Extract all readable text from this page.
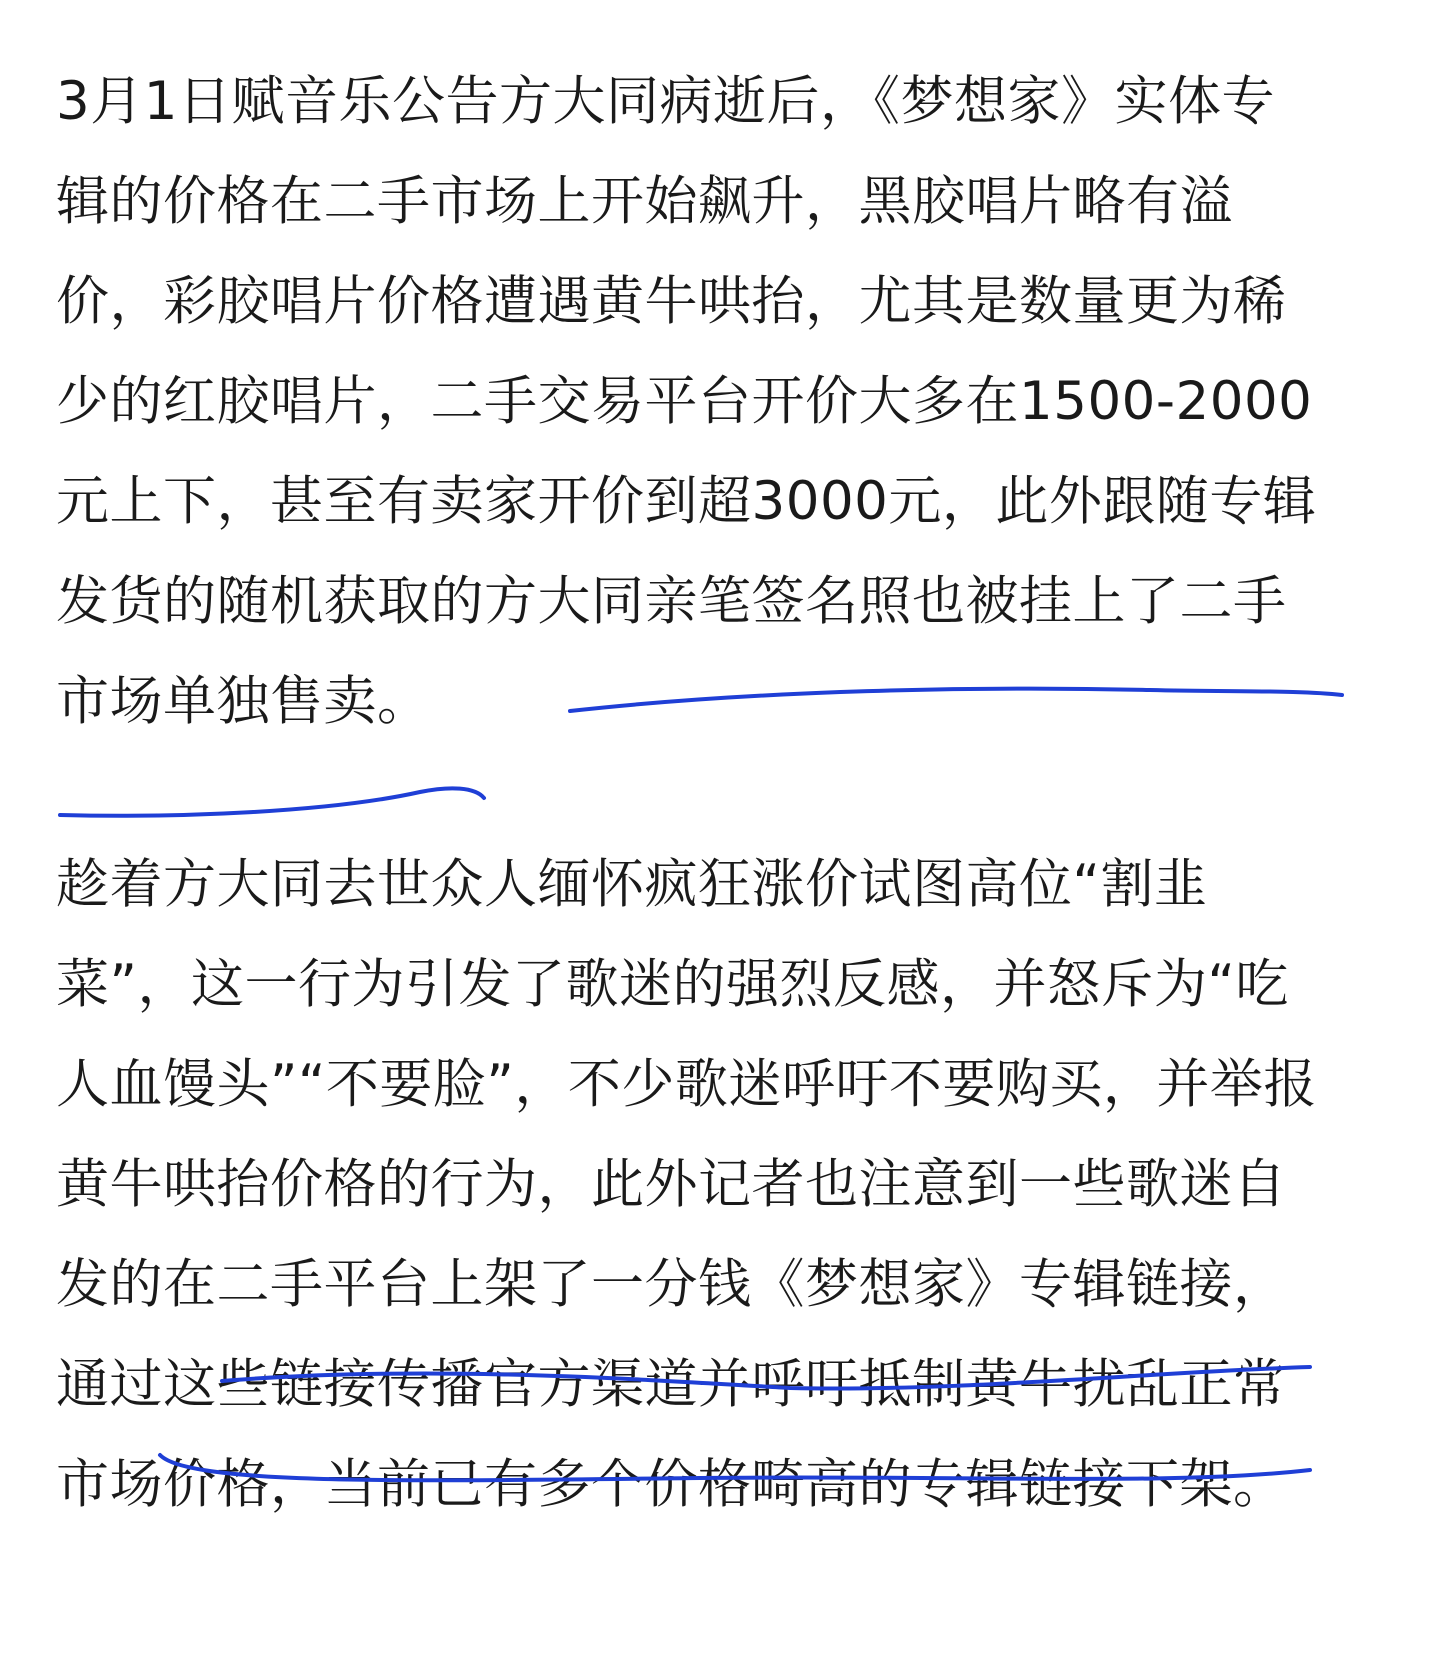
3月1日赋音乐公告方大同病逝后，《梦想家》实体专
辑的价格在二手市场上开始飙升，黑胶唱片略有溢
价，彩胶唱片价格遭遇黄牛哄抬，尤其是数量更为稀
少的红胶唱片，二手交易平台开价大多在1500-2000
元上下，甚至有卖家开价到超3000元，此外跟随专辑
发货的随机获取的方大同亲笔签名照也被挂上了二手
市场单独售卖。

趁着方大同去世众人缅怀疯狂涨价试图高位“割韭
菜”，这一行为引发了歌迷的强烈反感，并怒斥为“吃
人血馒头”“不要脸”，不少歌迷呼吁不要购买，并举报
黄牛哄抬价格的行为，此外记者也注意到一些歌迷自
发的在二手平台上架了一分钱《梦想家》专辑链接，
通过这些链接传播官方渠道并呼吁抵制黄牛扰乱正常
市场价格，当前已有多个价格畸高的专辑链接下架。
